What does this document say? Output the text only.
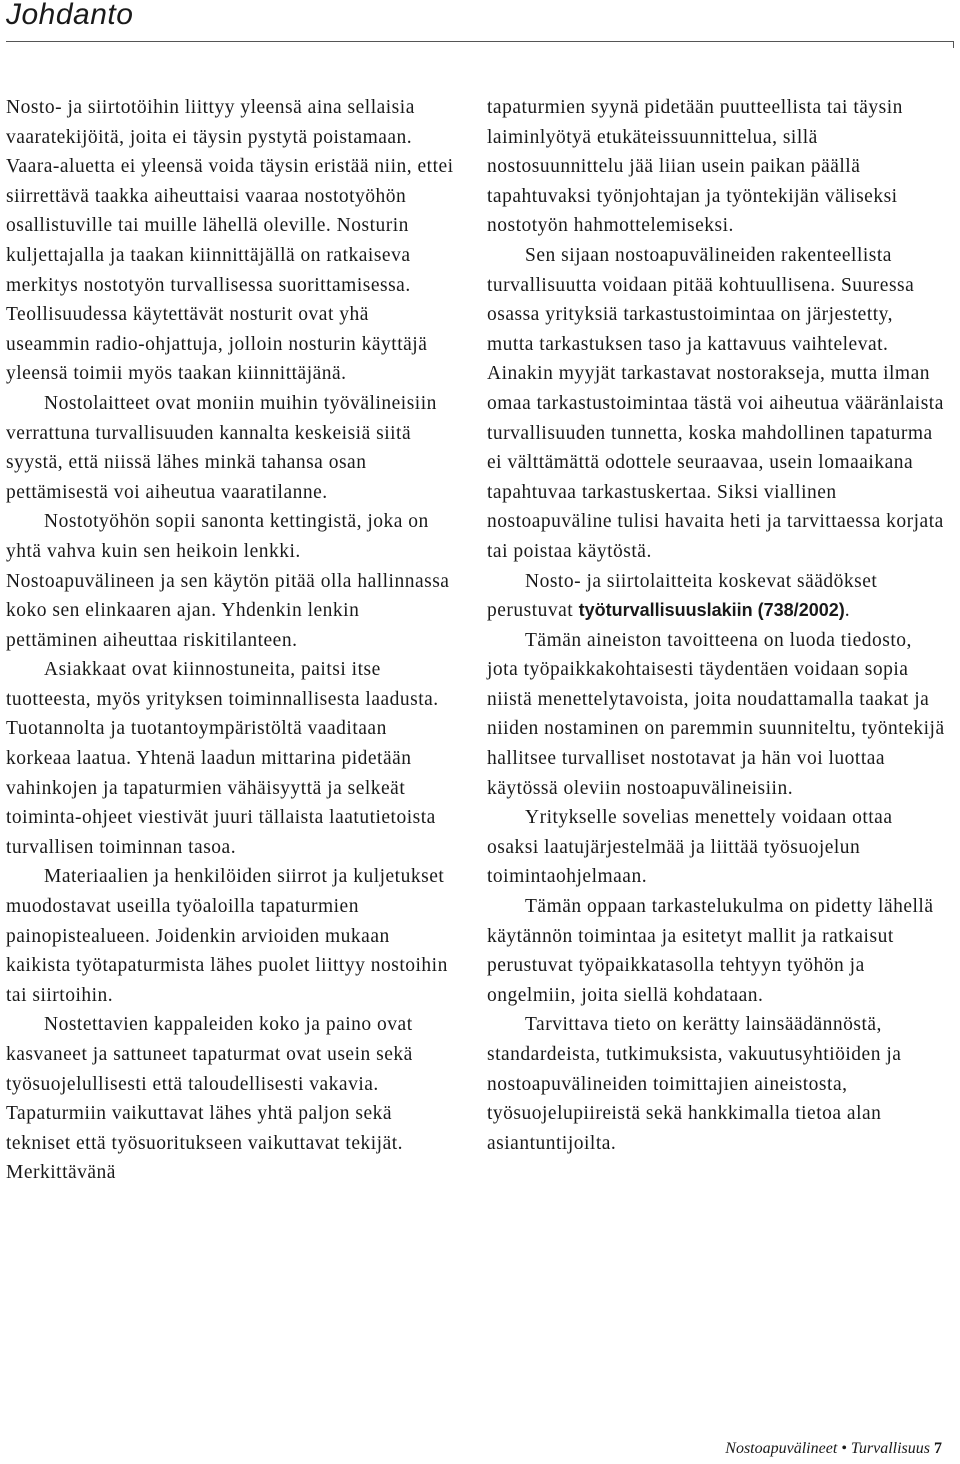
Johdanto

Nosto- ja siirtotöihin liittyy yleensä aina sellaisia vaaratekijöitä, joita ei täysin pystytä poistamaan. Vaara-aluetta ei yleensä voida täysin eristää niin, ettei siirrettävä taakka aiheuttaisi vaaraa nostotyöhön osallistuville tai muille lähellä oleville. Nosturin kuljettajalla ja taakan kiinnittäjällä on ratkaiseva merkitys nostotyön turvallisessa suorittamisessa. Teollisuudessa käytettävät nosturit ovat yhä useammin radio-ohjattuja, jolloin nosturin käyttäjä yleensä toimii myös taakan kiinnittäjänä.

Nostolaitteet ovat moniin muihin työvälineisiin verrattuna turvallisuuden kannalta keskeisiä siitä syystä, että niissä lähes minkä tahansa osan pettämisestä voi aiheutua vaaratilanne.

Nostotyöhön sopii sanonta kettingistä, joka on yhtä vahva kuin sen heikoin lenkki. Nostoapuvälineen ja sen käytön pitää olla hallinnassa koko sen elinkaaren ajan. Yhdenkin lenkin pettäminen aiheuttaa riskitilanteen.

Asiakkaat ovat kiinnostuneita, paitsi itse tuotteesta, myös yrityksen toiminnallisesta laadusta. Tuotannolta ja tuotantoympäristöltä vaaditaan korkeaa laatua. Yhtenä laadun mittarina pidetään vahinkojen ja tapaturmien vähäisyyttä ja selkeät toiminta-ohjeet viestivät juuri tällaista laatutietoista turvallisen toiminnan tasoa.

Materiaalien ja henkilöiden siirrot ja kuljetukset muodostavat useilla työaloilla tapaturmien painopistealueen. Joidenkin arvioiden mukaan kaikista työtapaturmista lähes puolet liittyy nostoihin tai siirtoihin.

Nostettavien kappaleiden koko ja paino ovat kasvaneet ja sattuneet tapaturmat ovat usein sekä työsuojelullisesti että taloudellisesti vakavia. Tapaturmiin vaikuttavat lähes yhtä paljon sekä tekniset että työsuoritukseen vaikuttavat tekijät. Merkittävänä

tapaturmien syynä pidetään puutteellista tai täysin laiminlyötyä etukäteissuunnittelua, sillä nostosuunnittelu jää liian usein paikan päällä tapahtuvaksi työnjohtajan ja työntekijän väliseksi nostotyön hahmottelemiseksi.

Sen sijaan nostoapuvälineiden rakenteellista turvallisuutta voidaan pitää kohtuullisena. Suuressa osassa yrityksiä tarkastustoimintaa on järjestetty, mutta tarkastuksen taso ja kattavuus vaihtelevat. Ainakin myyjät tarkastavat nostorakseja, mutta ilman omaa tarkastustoimintaa tästä voi aiheutua vääränlaista turvallisuuden tunnetta, koska mahdollinen tapaturma ei välttämättä odottele seuraavaa, usein lomaaikana tapahtuvaa tarkastuskertaa. Siksi viallinen nostoapuväline tulisi havaita heti ja tarvittaessa korjata tai poistaa käytöstä.

Nosto- ja siirtolaitteita koskevat säädökset perustuvat työturvallisuuslakiin (738/2002).

Tämän aineiston tavoitteena on luoda tiedosto, jota työpaikkakohtaisesti täydentäen voidaan sopia niistä menettelytavoista, joita noudattamalla taakat ja niiden nostaminen on paremmin suunniteltu, työntekijä hallitsee turvalliset nostotavat ja hän voi luottaa käytössä oleviin nostoapuvälineisiin.

Yritykselle sovelias menettely voidaan ottaa osaksi laatujärjestelmää ja liittää työsuojelun toimintaohjelmaan.

Tämän oppaan tarkastelukulma on pidetty lähellä käytännön toimintaa ja esitetyt mallit ja ratkaisut perustuvat työpaikkatasolla tehtyyn työhön ja ongelmiin, joita siellä kohdataan.

Tarvittava tieto on kerätty lainsäädännöstä, standardeista, tutkimuksista, vakuutusyhtiöiden ja nostoapuvälineiden toimittajien aineistosta, työsuojelupiireistä sekä hankkimalla tietoa alan asiantuntijoilta.

Nostoapuvälineet • Turvallisuus 7
